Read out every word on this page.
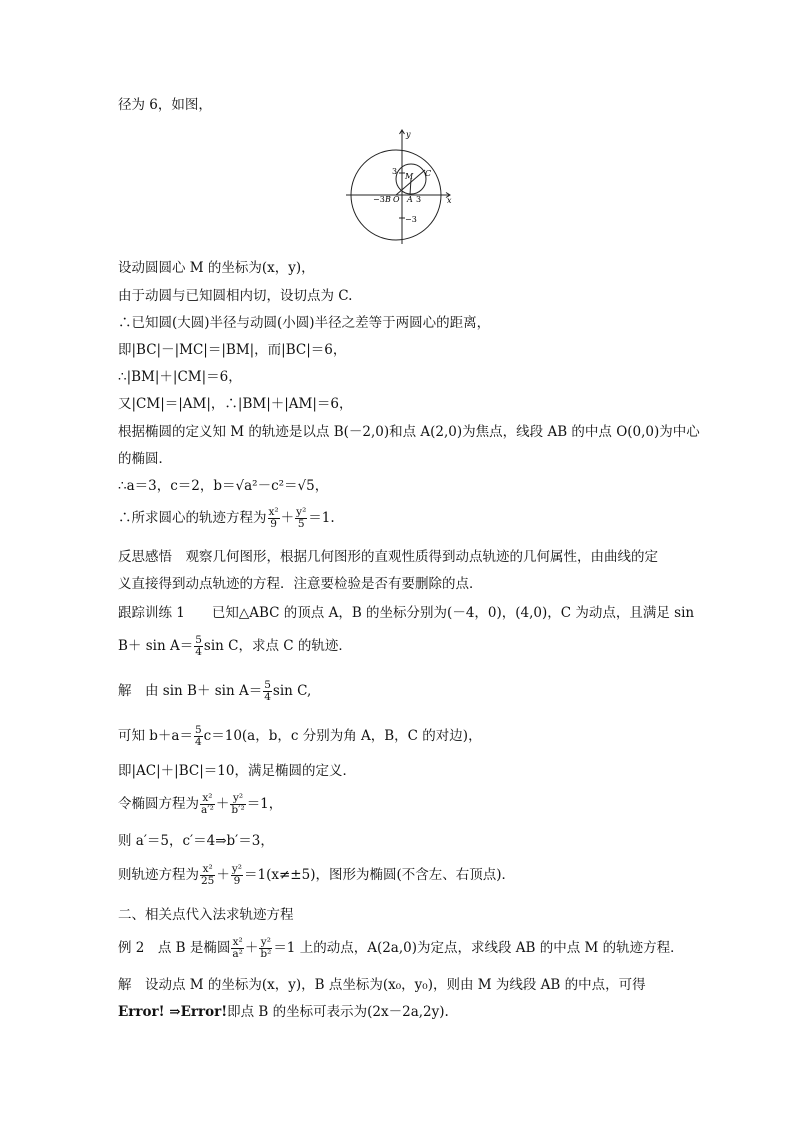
径为 6，如图，
y
x
3
M C
−3 B O A 3
−3
设动圆圆心 M 的坐标为(x，y)，
由于动圆与已知圆相内切，设切点为 C.
∴已知圆(大圆)半径与动圆(小圆)半径之差等于两圆心的距离，
即|BC|－|MC|＝|BM|，而|BC|＝6，
∴|BM|＋|CM|＝6，
又|CM|＝|AM|，∴|BM|＋|AM|＝6，
根据椭圆的定义知 M 的轨迹是以点 B(－2,0)和点 A(2,0)为焦点，线段 AB 的中点 O(0,0)为中心
的椭圆．
∴a＝3，c＝2，b＝√a²－c²＝√5，
∴所求圆心的轨迹方程为 $\frac{\text{x²}}{9} + \frac{\text{y²}}{5} =1$.
反思感悟　观察几何图形，根据几何图形的直观性质得到动点轨迹的几何属性，由曲线的定
义直接得到动点轨迹的方程．注意要检验是否有要删除的点．
跟踪训练 1　　已知△ABC 的顶点 A，B 的坐标分别为(－4，0)，(4,0)，C 为动点，且满足 sin
$B+ \sin A= \frac{5}{4}$ sin C，求点 C 的轨迹．
解　由 $\sin B+ \sin A= \frac{5}{4}$ sin C,
可知 $b+a= \frac{5}{4} c=10(a$，b，c 分别为角 A，B，C 的对边)，
即|AC|＋|BC|＝10，满足椭圆的定义．
令椭圆方程为 $\frac{\text{x²}}{\text{a′²}} + \frac{\text{y²}}{\text{b′²}} =1$，
则 a′＝5，c′＝4⇒b′＝3，
则轨迹方程为 $\frac{\text{x²}}{25} + \frac{\text{y²}}{9} =1(x\ne\pm 5)$，图形为椭圆(不含左、右顶点)．
二、相关点代入法求轨迹方程
例 2　点 B 是椭圆 $\frac{\text{x²}}{\text{a²}} + \frac{\text{y²}}{\text{b²}} =1$ 上的动点，A(2a,0)为定点，求线段 AB 的中点 M 的轨迹方程．
解　设动点 M 的坐标为(x，y)，B 点坐标为(x₀，y₀)，则由 M 为线段 AB 的中点，可得
Error! ⇒Error!即点 B 的坐标可表示为(2x－2a,2y).
